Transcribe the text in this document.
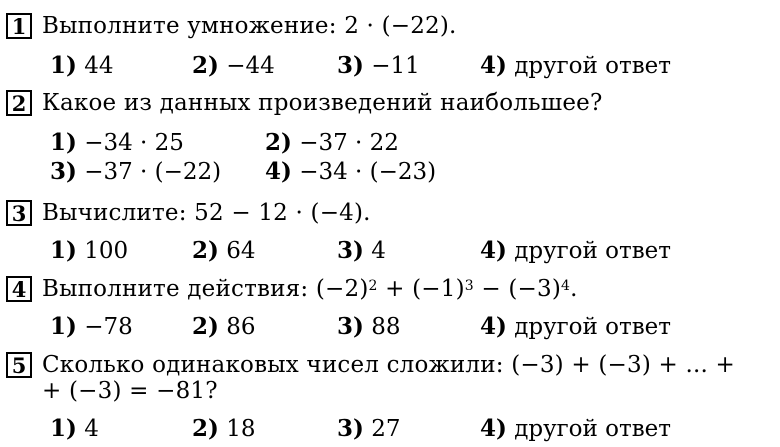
1 Выполните умножение: 2 · (−22).
1) 44	2) −44	3) −11	4) другой ответ
2 Какое из данных произведений наибольшее?
1) −34 · 25	2) −37 · 22
3) −37 · (−22) 4) −34 · (−23)
3 Вычислите: 52 − 12 · (−4).
1) 100	2) 64	3) 4	4) другой ответ
4 Выполните действия: $(-2)^2 + (-1)^3 - (-3)^4$.
1) −78	2) 86	3) 88	4) другой ответ
5 Сколько одинаковых чисел сложили: (−3) + (−3) + ... +
+ (−3) = −81?
1) 4	2) 18	3) 27	4) другой ответ
